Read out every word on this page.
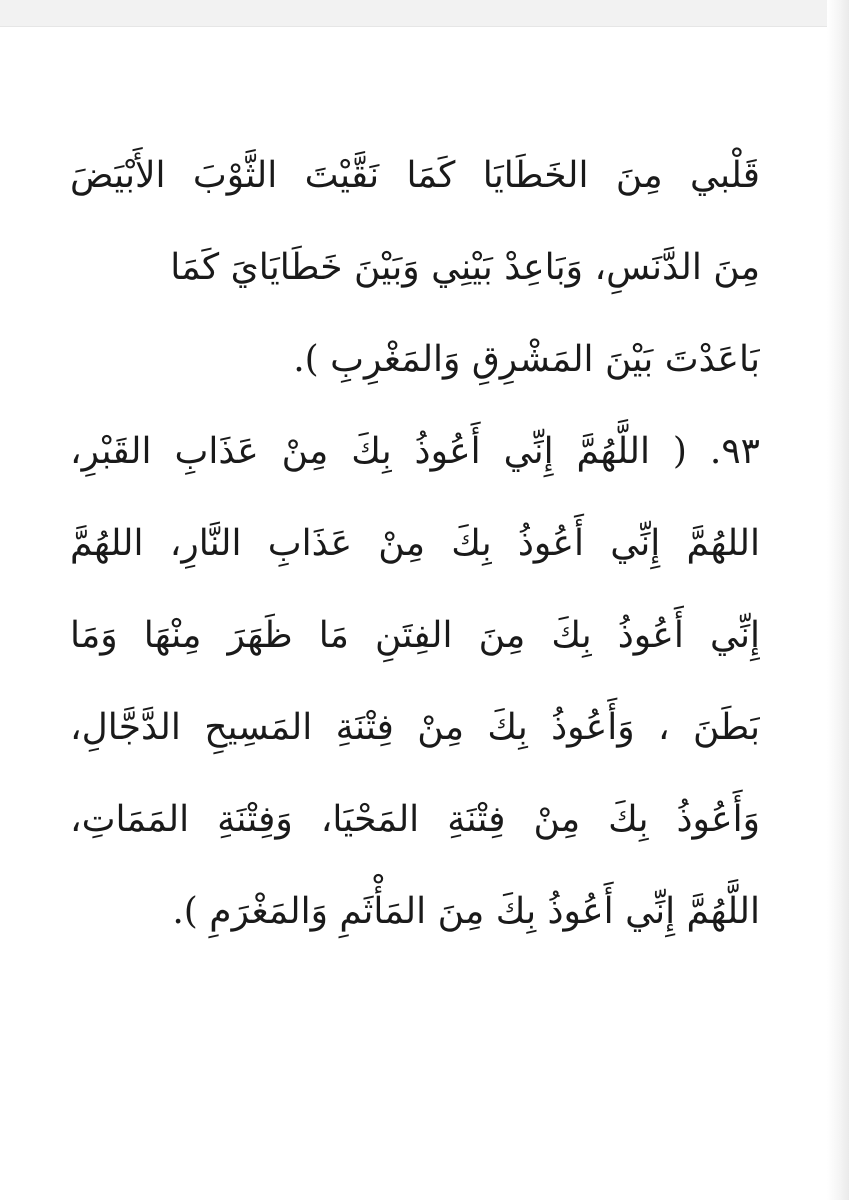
قَلْبي مِنَ الخَطَايَا كَمَا نَقَّيْتَ الثَّوْبَ الأَبْيَضَ
مِنَ الدَّنَسِ، وَبَاعِدْ بَيْنِي وَبَيْنَ خَطَايَايَ كَمَا
بَاعَدْتَ بَيْنَ المَشْرِقِ وَالمَغْرِبِ ).
٩٣. ( اللَّهُمَّ إِنِّي أَعُوذُ بِكَ مِنْ عَذَابِ القَبْرِ،
اللهُمَّ إِنِّي أَعُوذُ بِكَ مِنْ عَذَابِ النَّارِ، اللهُمَّ
إِنِّي أَعُوذُ بِكَ مِنَ الفِتَنِ مَا ظَهَرَ مِنْهَا وَمَا
بَطَنَ ، وَأَعُوذُ بِكَ مِنْ فِتْنَةِ المَسِيحِ الدَّجَّالِ،
وَأَعُوذُ بِكَ مِنْ فِتْنَةِ المَحْيَا، وَفِتْنَةِ المَمَاتِ،
اللَّهُمَّ إِنِّي أَعُوذُ بِكَ مِنَ المَأْثَمِ وَالمَغْرَمِ ).
